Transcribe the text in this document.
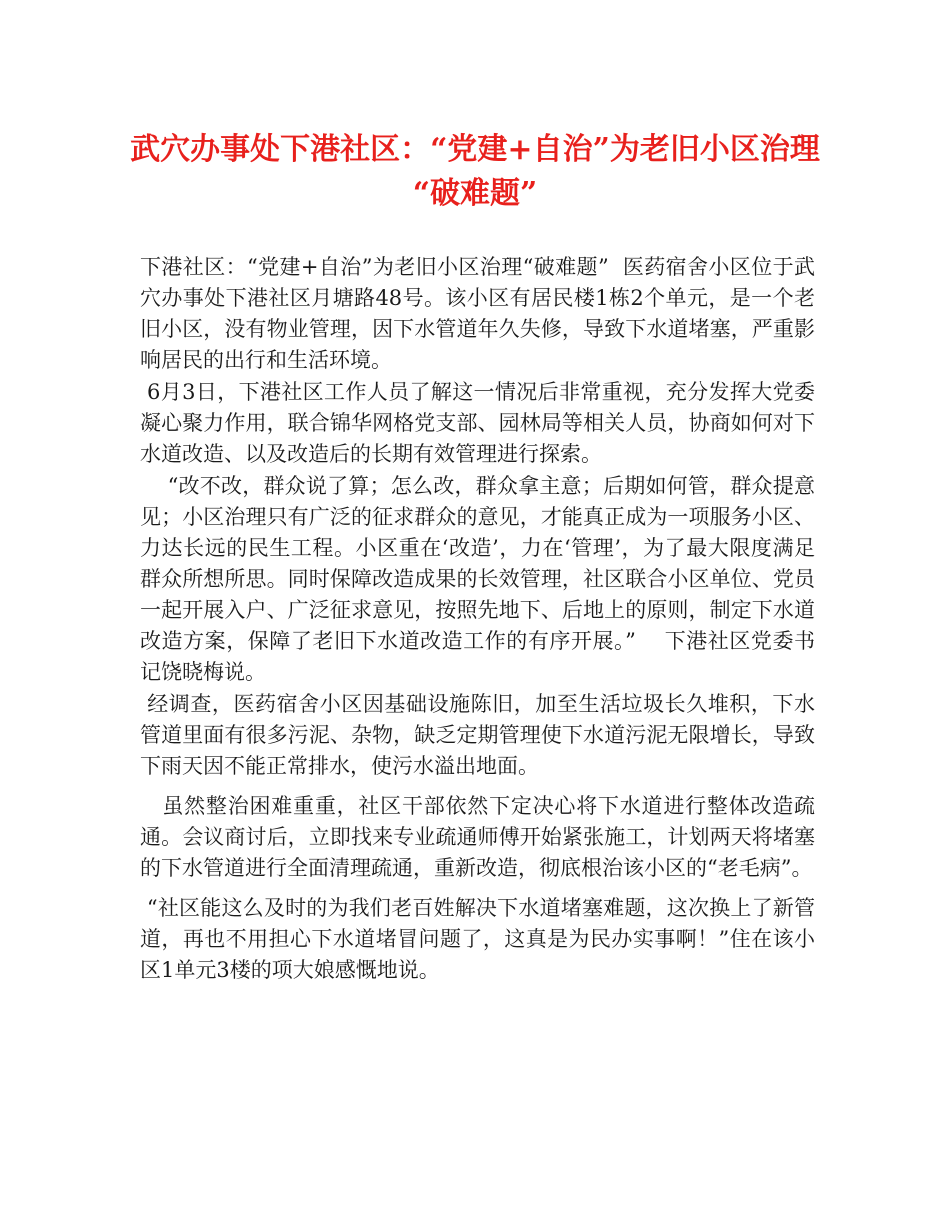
武穴办事处下港社区：“党建+自治”为老旧小区治理
“破难题”

下港社区：“党建+自治”为老旧小区治理“破难题”  医药宿舍小区位于武穴办事处下港社区月塘路48号。该小区有居民楼1栋2个单元，是一个老旧小区，没有物业管理，因下水管道年久失修，导致下水道堵塞，严重影响居民的出行和生活环境。

6月3日，下港社区工作人员了解这一情况后非常重视，充分发挥大党委凝心聚力作用，联合锦华网格党支部、园林局等相关人员，协商如何对下水道改造、以及改造后的长期有效管理进行探索。

“改不改，群众说了算；怎么改，群众拿主意；后期如何管，群众提意见；小区治理只有广泛的征求群众的意见，才能真正成为一项服务小区、力达长远的民生工程。小区重在‘改造’，力在‘管理’，为了最大限度满足群众所想所思。同时保障改造成果的长效管理，社区联合小区单位、党员一起开展入户、广泛征求意见，按照先地下、后地上的原则，制定下水道改造方案，保障了老旧下水道改造工作的有序开展。”    下港社区党委书记饶晓梅说。

经调查，医药宿舍小区因基础设施陈旧，加至生活垃圾长久堆积，下水管道里面有很多污泥、杂物，缺乏定期管理使下水道污泥无限增长，导致下雨天因不能正常排水，使污水溢出地面。

虽然整治困难重重，社区干部依然下定决心将下水道进行整体改造疏通。会议商讨后，立即找来专业疏通师傅开始紧张施工，计划两天将堵塞的下水管道进行全面清理疏通，重新改造，彻底根治该小区的“老毛病”。

“社区能这么及时的为我们老百姓解决下水道堵塞难题，这次换上了新管道，再也不用担心下水道堵冒问题了，这真是为民办实事啊！”住在该小区1单元3楼的项大娘感慨地说。
